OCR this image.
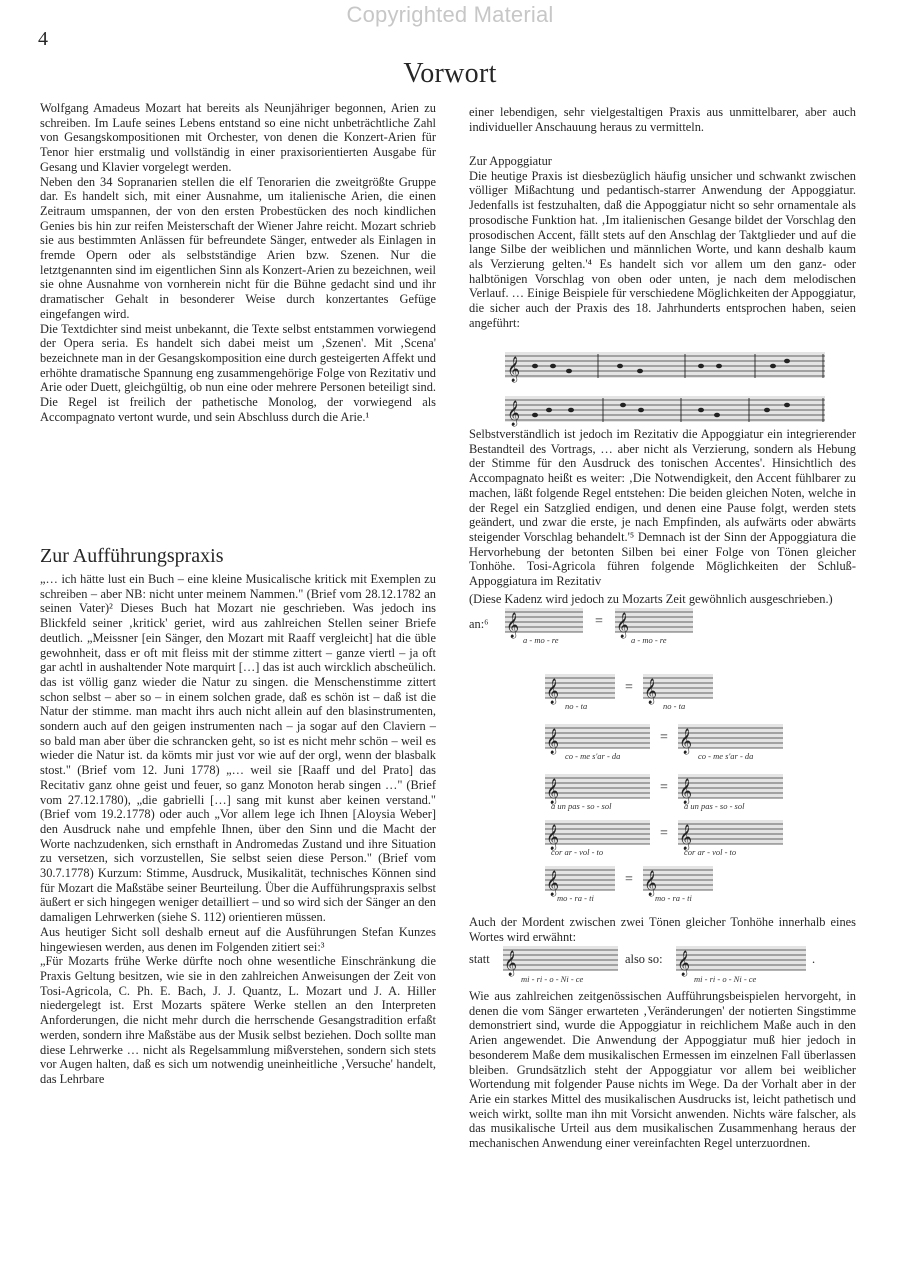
Copyrighted Material
4
Vorwort

Wolfgang Amadeus Mozart hat bereits als Neunjähriger begonnen, Arien zu schreiben. Im Laufe seines Lebens entstand so eine nicht unbeträchtliche Zahl von Gesangskompositionen mit Orchester, von denen die Konzert-Arien für Tenor hier erstmalig und vollständig in einer praxisorientierten Ausgabe für Gesang und Klavier vorgelegt werden.

Neben den 34 Sopranarien stellen die elf Tenorarien die zweitgrößte Gruppe dar. Es handelt sich, mit einer Ausnahme, um italienische Arien, die einen Zeitraum umspannen, der von den ersten Probestücken des noch kindlichen Genies bis hin zur reifen Meisterschaft der Wiener Jahre reicht. Mozart schrieb sie aus bestimmten Anlässen für befreundete Sänger, entweder als Einlagen in fremde Opern oder als selbstständige Arien bzw. Szenen. Nur die letztgenannten sind im eigentlichen Sinn als Konzert-Arien zu bezeichnen, weil sie ohne Ausnahme von vornherein nicht für die Bühne gedacht sind und ihr dramatischer Gehalt in besonderer Weise durch konzertantes Gefüge eingefangen wird.

Die Textdichter sind meist unbekannt, die Texte selbst entstammen vorwiegend der Opera seria. Es handelt sich dabei meist um ‚Szenen'. Mit ‚Scena' bezeichnete man in der Gesangskomposition eine durch gesteigerten Affekt und erhöhte dramatische Spannung eng zusammengehörige Folge von Rezitativ und Arie oder Duett, gleichgültig, ob nun eine oder mehrere Personen beteiligt sind. Die Regel ist freilich der pathetische Monolog, der vorwiegend als Accompagnato vertont wurde, und sein Abschluss durch die Arie.¹

Zur Aufführungspraxis

„… ich hätte lust ein Buch – eine kleine Musicalische kritick mit Exemplen zu schreiben – aber NB: nicht unter meinem Nammen." (Brief vom 28.12.1782 an seinen Vater)² Dieses Buch hat Mozart nie geschrieben. Was jedoch ins Blickfeld seiner ‚kritick' geriet, wird aus zahlreichen Stellen seiner Briefe deutlich. „Meissner [ein Sänger, den Mozart mit Raaff vergleicht] hat die üble gewohnheit, dass er oft mit fleiss mit der stimme zittert – ganze viertl – ja oft gar achtl in aushaltender Note marquirt […] das ist auch wircklich abscheülich. das ist völlig ganz wieder die Natur zu singen. die Menschenstimme zittert schon selbst – aber so – in einem solchen grade, daß es schön ist – daß ist die Natur der stimme. man macht ihrs auch nicht allein auf den blasinstrumenten, sondern auch auf den geigen instrumenten nach – ja sogar auf den Claviern – so bald man aber über die schrancken geht, so ist es nicht mehr schön – weil es wieder die Natur ist. da kömts mir just vor wie auf der orgl, wenn der blasbalk stost." (Brief vom 12. Juni 1778) „… weil sie [Raaff und del Prato] das Recitativ ganz ohne geist und feuer, so ganz Monoton herab singen …" (Brief vom 27.12.1780), „die gabrielli […] sang mit kunst aber keinen verstand." (Brief vom 19.2.1778) oder auch „Vor allem lege ich Ihnen [Aloysia Weber] den Ausdruck nahe und empfehle Ihnen, über den Sinn und die Macht der Worte nachzudenken, sich ernsthaft in Andromedas Zustand und ihre Situation zu versetzen, sich vorzustellen, Sie selbst seien diese Person." (Brief vom 30.7.1778) Kurzum: Stimme, Ausdruck, Musikalität, technisches Können sind für Mozart die Maßstäbe seiner Beurteilung. Über die Aufführungspraxis selbst äußert er sich hingegen weniger detailliert – und so wird sich der Sänger an den damaligen Lehrwerken (siehe S. 112) orientieren müssen.

Aus heutiger Sicht soll deshalb erneut auf die Ausführungen Stefan Kunzes hingewiesen werden, aus denen im Folgenden zitiert sei:³

„Für Mozarts frühe Werke dürfte noch ohne wesentliche Einschränkung die Praxis Geltung besitzen, wie sie in den zahlreichen Anweisungen der Zeit von Tosi-Agricola, C. Ph. E. Bach, J. J. Quantz, L. Mozart und J. A. Hiller niedergelegt ist. Erst Mozarts spätere Werke stellen an den Interpreten Anforderungen, die nicht mehr durch die herrschende Gesangstradition erfaßt werden, sondern ihre Maßstäbe aus der Musik selbst beziehen. Doch sollte man diese Lehrwerke … nicht als Regelsammlung mißverstehen, sondern sich stets vor Augen halten, daß es sich um notwendig uneinheitliche ‚Versuche' handelt, das Lehrbare

einer lebendigen, sehr vielgestaltigen Praxis aus unmittelbarer, aber auch individueller Anschauung heraus zu vermitteln.

Zur Appoggiatur

Die heutige Praxis ist diesbezüglich häufig unsicher und schwankt zwischen völliger Mißachtung und pedantisch-starrer Anwendung der Appoggiatur. Jedenfalls ist festzuhalten, daß die Appoggiatur nicht so sehr ornamentale als prosodische Funktion hat. ‚Im italienischen Gesange bildet der Vorschlag den prosodischen Accent, fällt stets auf den Anschlag der Taktglieder und auf die lange Silbe der weiblichen und männlichen Worte, und kann deshalb kaum als Verzierung gelten.'⁴ Es handelt sich vor allem um den ganz- oder halbtönigen Vorschlag von oben oder unten, je nach dem melodischen Verlauf. … Einige Beispiele für verschiedene Möglichkeiten der Appoggiatur, die sicher auch der Praxis des 18. Jahrhunderts entsprochen haben, seien angeführt:

𝄞
𝄞
Selbstverständlich ist jedoch im Rezitativ die Appoggiatur ein integrierender Bestandteil des Vortrags, … aber nicht als Verzierung, sondern als Hebung der Stimme für den Ausdruck des tonischen Accentes'. Hinsichtlich des Accompagnato heißt es weiter: ‚Die Notwendigkeit, den Accent fühlbarer zu machen, läßt folgende Regel entstehen: Die beiden gleichen Noten, welche in der Regel ein Satzglied endigen, und denen eine Pause folgt, werden stets geändert, und zwar die erste, je nach Empfinden, als aufwärts oder abwärts steigender Vorschlag behandelt.'⁵ Demnach ist der Sinn der Appoggiatura die Hervorhebung der betonten Silben bei einer Folge von Tönen gleicher Tonhöhe. Tosi-Agricola führen folgende Möglichkeiten der Schluß-Appoggiatura im Rezitativ
an:⁶ 𝄞	𝄞
=
a - mo - re	a - mo - re
(Diese Kadenz wird jedoch zu Mozarts Zeit gewöhnlich ausgeschrieben.)
𝄞	𝄞
=
no - ta	no - ta
𝄞	𝄞
=
co - me s'ar - da	co - me s'ar - da
𝄞	𝄞
=
a un pas - so - sol	a un pas - so - sol
𝄞	𝄞
=
cor ar - vol - to	cor ar - vol - to
𝄞	𝄞
=
mo - ra - ti	mo - ra - ti
Auch der Mordent zwischen zwei Tönen gleicher Tonhöhe innerhalb eines Wortes wird erwähnt:
statt 𝄞
mi - ri - o - Ni - ce
also so: 𝄞
mi - ri - o - Ni - ce
.
Wie aus zahlreichen zeitgenössischen Aufführungsbeispielen hervorgeht, in denen die vom Sänger erwarteten ‚Veränderungen' der notierten Singstimme demonstriert sind, wurde die Appoggiatur in reichlichem Maße auch in den Arien angewendet. Die Anwendung der Appoggiatur muß hier jedoch in besonderem Maße dem musikalischen Ermessen im einzelnen Fall überlassen bleiben. Grundsätzlich steht der Appoggiatur vor allem bei weiblicher Wortendung mit folgender Pause nichts im Wege. Da der Vorhalt aber in der Arie ein starkes Mittel des musikalischen Ausdrucks ist, leicht pathetisch und weich wirkt, sollte man ihn mit Vorsicht anwenden. Nichts wäre falscher, als das musikalische Urteil aus dem musikalischen Zusammenhang heraus der mechanischen Anwendung einer vereinfachten Regel unterzuordnen.
